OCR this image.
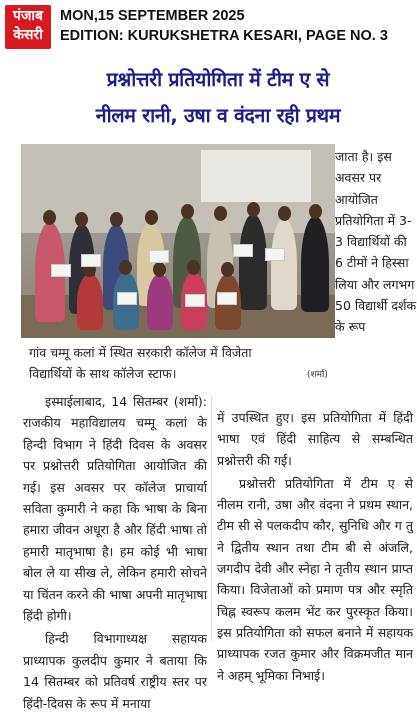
पंजाब
केसरी
MON,15 SEPTEMBER 2025
EDITION: KURUKSHETRA KESARI, PAGE NO. 3
प्रश्नोत्तरी प्रतियोगिता में टीम ए से
नीलम रानी, उषा व वंदना रही प्रथम
गांव चम्मू कलां में स्थित सरकारी कॉलेज में विजेता
विद्यार्थियों के साथ कॉलेज स्टाफ।	(शर्मा)
जाता है। इस अवसर पर आयोजित प्रतियोगिता में 3-3 विद्यार्थियों की 6 टीमों ने हिस्सा लिया और लगभग 50 विद्यार्थी दर्शक के रूप

इस्माईलाबाद, 14 सितम्बर (शर्मा): राजकीय महाविद्यालय चम्मू कलां के हिन्दी विभाग ने हिंदी दिवस के अवसर पर प्रश्नोत्तरी प्रतियोगिता आयोजित की गई। इस अवसर पर कॉलेज प्राचार्या सविता कुमारी ने कहा कि भाषा के बिना हमारा जीवन अधूरा है और हिंदी भाषा तो हमारी मातृभाषा है। हम कोई भी भाषा बोल ले या सीख ले, लेकिन हमारी सोचने या चिंतन करने की भाषा अपनी मातृभाषा हिंदी होगी।

हिन्दी विभागाध्यक्ष सहायक प्राध्यापक कुलदीप कुमार ने बताया कि 14 सितम्बर को प्रतिवर्ष राष्ट्रीय स्तर पर हिंदी-दिवस के रूप में मनाया

में उपस्थित हुए। इस प्रतियोगिता में हिंदी भाषा एवं हिंदी साहित्य से सम्बन्धित प्रश्नोत्तरी की गई।

प्रश्नोत्तरी प्रतियोगिता में टीम ए से नीलम रानी, उषा और वंदना ने प्रथम स्थान, टीम सी से पलकदीप कौर, सुनिधि और ग तु ने द्वितीय स्थान तथा टीम बी से अंजलि, जगदीप देवी और स्नेहा ने तृतीय स्थान प्राप्त किया। विजेताओं को प्रमाण पत्र और स्मृति चिह्न स्वरूप कलम भेंट कर पुरस्कृत किया। इस प्रतियोगिता को सफल बनाने में सहायक प्राध्यापक रजत कुमार और विक्रमजीत मान ने अहम् भूमिका निभाई।
